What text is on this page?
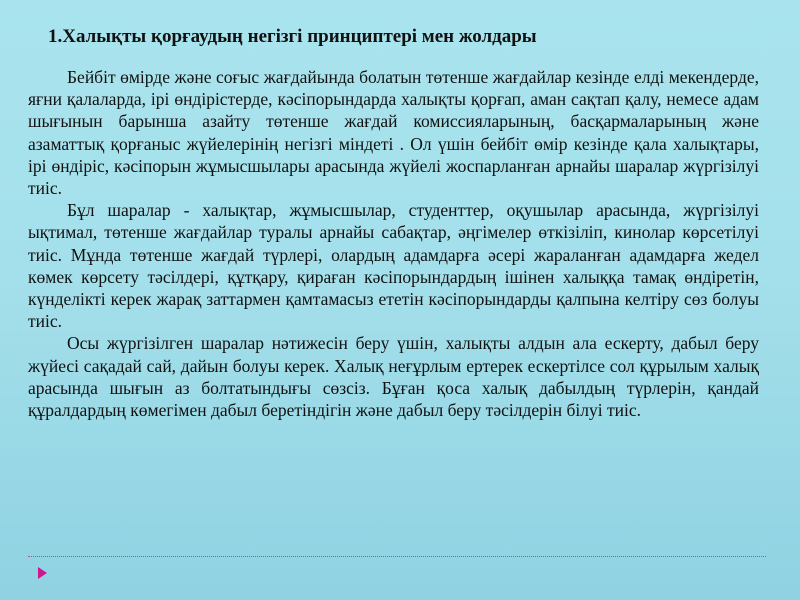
1.Халықты қорғаудың негізгі принциптері мен жолдары

Бейбіт өмірде және соғыс жағдайында болатын төтенше жағдайлар кезінде елді мекендерде, яғни қалаларда, ірі өндірістерде, кәсіпорындарда халықты қорғап, аман сақтап қалу, немесе адам шығынын барынша азайту төтенше жағдай комиссияларының, басқармаларының және азаматтық қорғаныс жүйелерінің негізгі міндеті . Ол үшін бейбіт өмір кезінде қала халықтары, ірі өндіріс, кәсіпорын жұмысшылары арасында жүйелі жоспарланған арнайы шаралар жүргізілуі тиіс.

Бұл шаралар - халықтар, жұмысшылар, студенттер, оқушылар арасында, жүргізілуі ықтимал, төтенше жағдайлар туралы арнайы сабақтар, әңгімелер өткізіліп, кинолар көрсетілуі тиіс. Мұнда төтенше жағдай түрлері, олардың адамдарға әсері жараланған адамдарға жедел көмек көрсету тәсілдері, құтқару, қираған кәсіпорындардың ішінен халыққа тамақ өндіретін, күнделікті керек жарақ заттармен қамтамасыз ететін кәсіпорындарды қалпына келтіру сөз болуы тиіс.

Осы жүргізілген шаралар нәтижесін беру үшін, халықты алдын ала ескерту, дабыл беру жүйесі сақадай сай, дайын болуы керек. Халық неғұрлым ертерек ескертілсе сол құрылым халық арасында шығын аз болтатындығы сөзсіз. Бұған қоса халық дабылдың түрлерін, қандай құралдардың көмегімен дабыл беретіндігін және дабыл беру тәсілдерін білуі тиіс.
